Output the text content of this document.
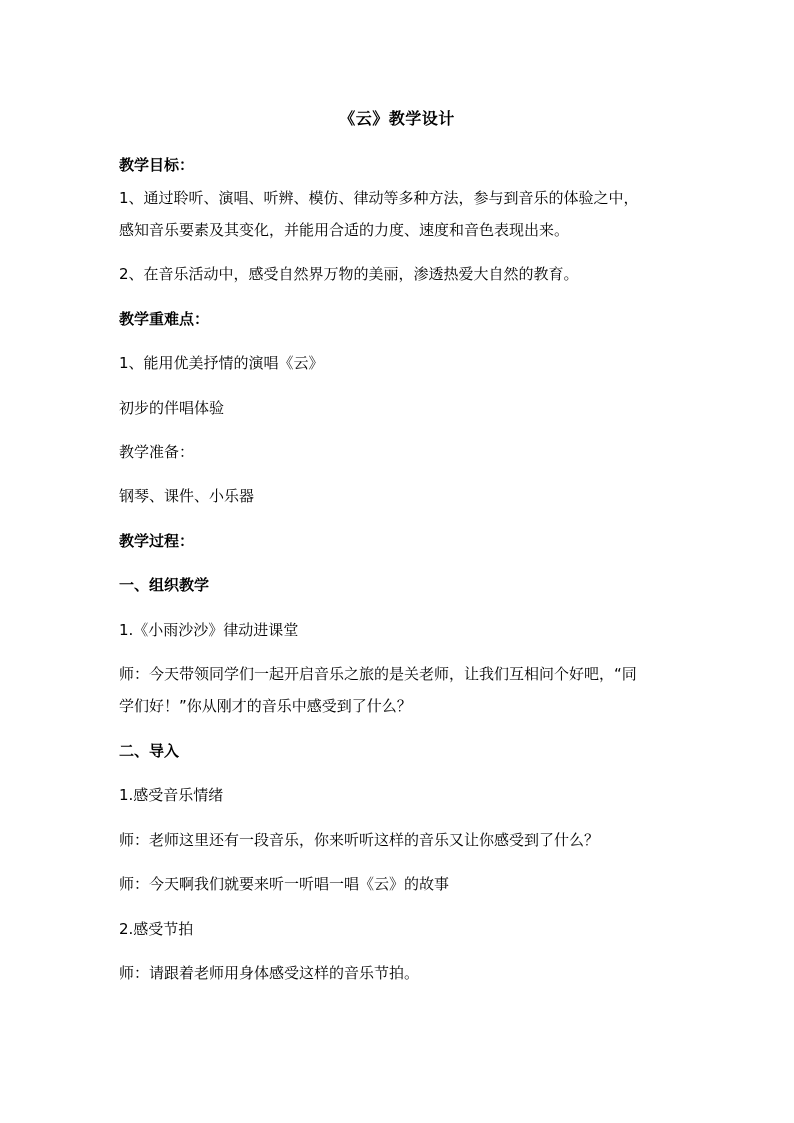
《云》教学设计
教学目标：
1、通过聆听、演唱、听辨、模仿、律动等多种方法，参与到音乐的体验之中，
感知音乐要素及其变化，并能用合适的力度、速度和音色表现出来。
2、在音乐活动中，感受自然界万物的美丽，渗透热爱大自然的教育。
教学重难点：
1、能用优美抒情的演唱《云》
初步的伴唱体验
教学准备：
钢琴、课件、小乐器
教学过程：
一、组织教学
1.《小雨沙沙》律动进课堂
师：今天带领同学们一起开启音乐之旅的是关老师，让我们互相问个好吧，“同
学们好！”你从刚才的音乐中感受到了什么？
二、导入
1.感受音乐情绪
师：老师这里还有一段音乐，你来听听这样的音乐又让你感受到了什么？
师：今天啊我们就要来听一听唱一唱《云》的故事
2.感受节拍
师：请跟着老师用身体感受这样的音乐节拍。
